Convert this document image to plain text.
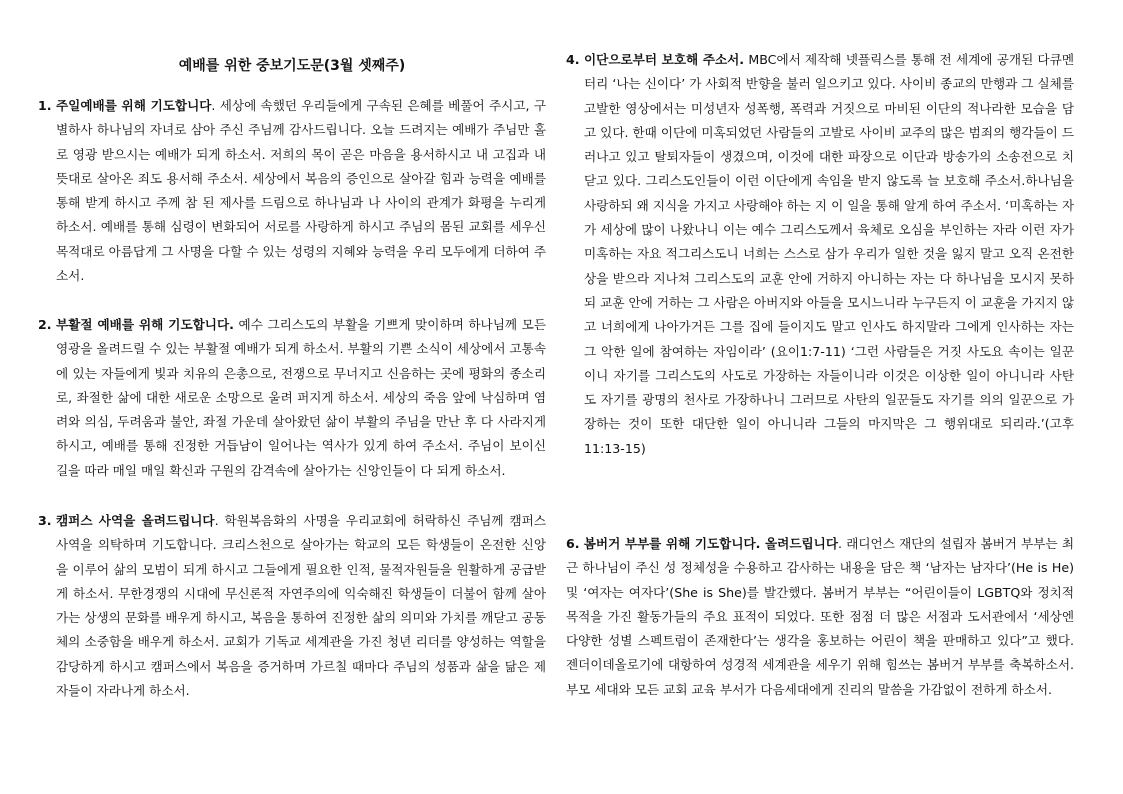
예배를 위한 중보기도문(3월 셋째주)
1. 주일예배를 위해 기도합니다. 세상에 속했던 우리들에게 구속된 은혜를 베풀어 주시고, 구별하사 하나님의 자녀로 삼아 주신 주님께 감사드립니다. 오늘 드려지는 예배가 주님만 홀로 영광 받으시는 예배가 되게 하소서. 저희의 목이 곧은 마음을 용서하시고 내 고집과 내 뜻대로 살아온 죄도 용서해 주소서. 세상에서 복음의 증인으로 살아갈 힘과 능력을 예배를 통해 받게 하시고 주께 참 된 제사를 드림으로 하나님과 나 사이의 관계가 화평을 누리게 하소서. 예배를 통해 심령이 변화되어 서로를 사랑하게 하시고 주님의 몸된 교회를 세우신 목적대로 아름답게 그 사명을 다할 수 있는 성령의 지혜와 능력을 우리 모두에게 더하여 주소서.
2. 부활절 예배를 위해 기도합니다. 예수 그리스도의 부활을 기쁘게 맞이하며 하나님께 모든 영광을 올려드릴 수 있는 부활절 예배가 되게 하소서. 부활의 기쁜 소식이 세상에서 고통속에 있는 자들에게 빛과 치유의 은총으로, 전쟁으로 무너지고 신음하는 곳에 평화의 종소리로, 좌절한 삶에 대한 새로운 소망으로 울려 퍼지게 하소서. 세상의 죽음 앞에 낙심하며 염려와 의심, 두려움과 불안, 좌절 가운데 살아왔던 삶이 부활의 주님을 만난 후 다 사라지게 하시고, 예배를 통해 진정한 거듭남이 일어나는 역사가 있게 하여 주소서. 주님이 보이신 길을 따라 매일 매일 확신과 구원의 감격속에 살아가는 신앙인들이 다 되게 하소서.
3. 캠퍼스 사역을 올려드립니다. 학원복음화의 사명을 우리교회에 허락하신 주님께 캠퍼스 사역을 의탁하며 기도합니다. 크리스천으로 살아가는 학교의 모든 학생들이 온전한 신앙을 이루어 삶의 모범이 되게 하시고 그들에게 필요한 인적, 물적자원들을 원활하게 공급받게 하소서. 무한경쟁의 시대에 무신론적 자연주의에 익숙해진 학생들이 더불어 함께 살아가는 상생의 문화를 배우게 하시고, 복음을 통하여 진정한 삶의 의미와 가치를 깨닫고 공동체의 소중함을 배우게 하소서. 교회가 기독교 세계관을 가진 청년 리더를 양성하는 역할을 감당하게 하시고 캠퍼스에서 복음을 증거하며 가르칠 때마다 주님의 성품과 삶을 닮은 제자들이 자라나게 하소서.
4. 이단으로부터 보호해 주소서. MBC에서 제작해 넷플릭스를 통해 전 세계에 공개된 다큐멘터리 ‘나는 신이다’ 가 사회적 반향을 불러 일으키고 있다. 사이비 종교의 만행과 그 실체를 고발한 영상에서는 미성년자 성폭행, 폭력과 거짓으로 마비된 이단의 적나라한 모습을 담고 있다. 한때 이단에 미혹되었던 사람들의 고발로 사이비 교주의 많은 범죄의 행각들이 드러나고 있고 탈퇴자들이 생겼으며, 이것에 대한 파장으로 이단과 방송가의 소송전으로 치닫고 있다. 그리스도인들이 이런 이단에게 속임을 받지 않도록 늘 보호해 주소서.하나님을 사랑하되 왜 지식을 가지고 사랑해야 하는 지 이 일을 통해 알게 하여 주소서. ‘미혹하는 자가 세상에 많이 나왔나니 이는 예수 그리스도께서 육체로 오심을 부인하는 자라 이런 자가 미혹하는 자요 적그리스도니 너희는 스스로 삼가 우리가 일한 것을 잃지 말고 오직 온전한 상을 받으라 지나쳐 그리스도의 교훈 안에 거하지 아니하는 자는 다 하나님을 모시지 못하되 교훈 안에 거하는 그 사람은 아버지와 아들을 모시느니라 누구든지 이 교훈을 가지지 않고 너희에게 나아가거든 그를 집에 들이지도 말고 인사도 하지말라 그에게 인사하는 자는 그 악한 일에 참여하는 자임이라’ (요이1:7-11) ‘그런 사람들은 거짓 사도요 속이는 일꾼이니 자기를 그리스도의 사도로 가장하는 자들이니라 이것은 이상한 일이 아니니라 사탄도 자기를 광명의 천사로 가장하나니 그러므로 사탄의 일꾼들도 자기를 의의 일꾼으로 가장하는 것이 또한 대단한 일이 아니니라 그들의 마지막은 그 행위대로 되리라.’(고후11:13-15)
6. 봄버거 부부를 위해 기도합니다. 올려드립니다. 래디언스 재단의 설립자 봄버거 부부는 최근 하나님이 주신 성 정체성을 수용하고 감사하는 내용을 담은 책 ‘남자는 남자다’(He is He) 및 ‘여자는 여자다’(She is She)를 발간했다. 봄버거 부부는 “어린이들이 LGBTQ와 정치적 목적을 가진 활동가들의 주요 표적이 되었다. 또한 점점 더 많은 서점과 도서관에서 ‘세상엔 다양한 성별 스펙트럼이 존재한다’는 생각을 홍보하는 어린이 책을 판매하고 있다”고 했다. 젠더이데올로기에 대항하여 성경적 세계관을 세우기 위해 힘쓰는 봄버거 부부를 축복하소서. 부모 세대와 모든 교회 교육 부서가 다음세대에게 진리의 말씀을 가감없이 전하게 하소서.
